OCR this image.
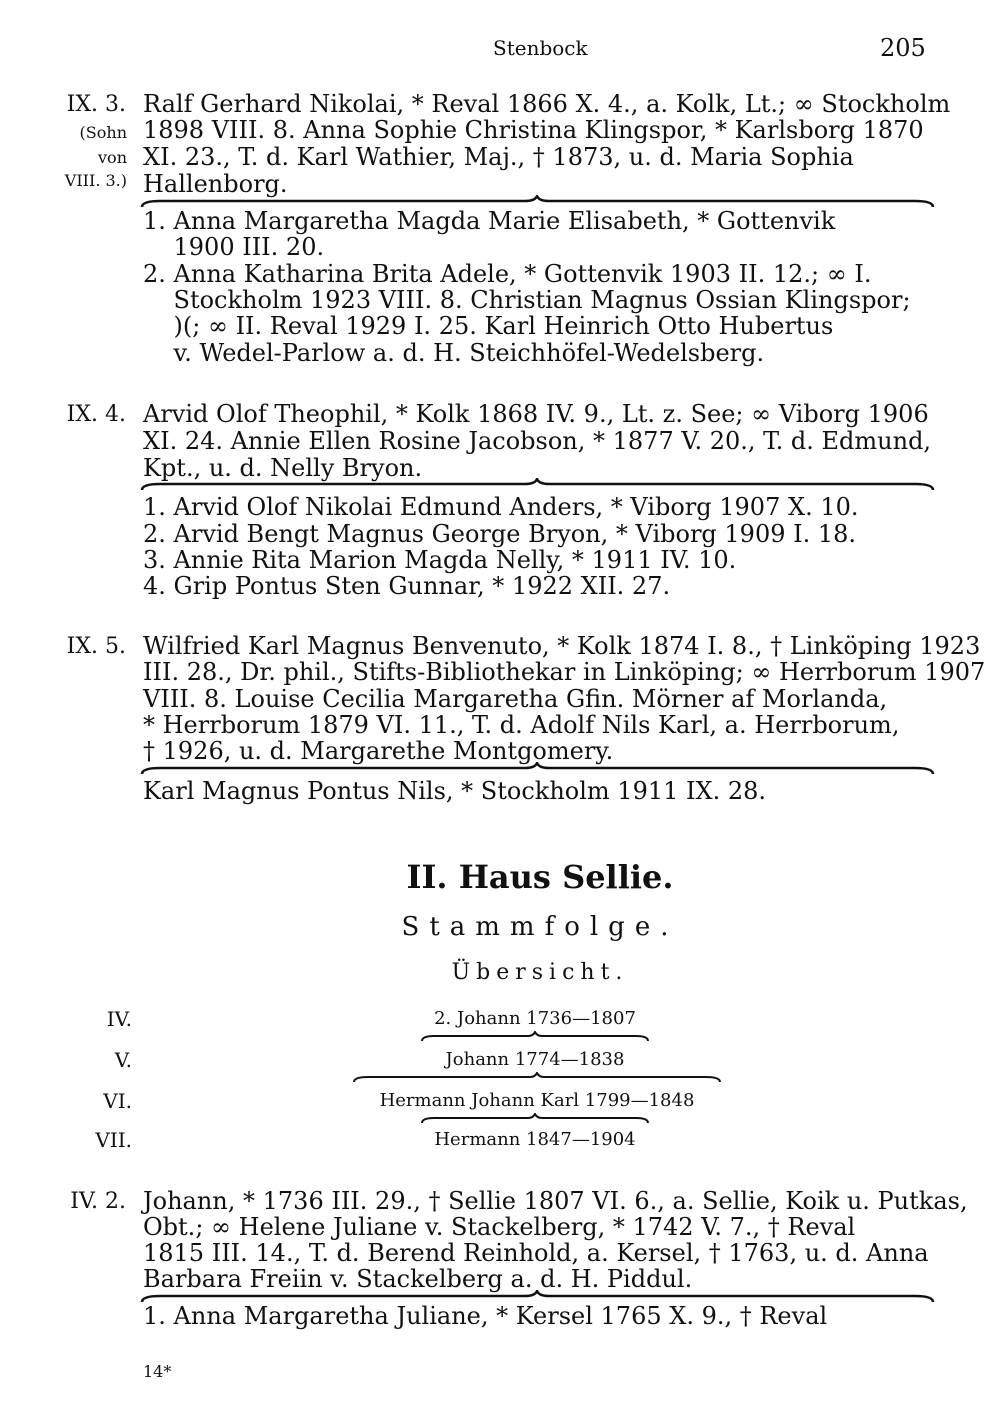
Stenbock	205
IX. 3.
(Sohn
von
VIII. 3.)
Ralf Gerhard Nikolai, * Reval 1866 X. 4., a. Kolk, Lt.; ∞ Stockholm
1898 VIII. 8. Anna Sophie Christina Klingspor, * Karlsborg 1870
XI. 23., T. d. Karl Wathier, Maj., † 1873, u. d. Maria Sophia
Hallenborg.
1. Anna Margaretha Magda Marie Elisabeth, * Gottenvik
1900 III. 20.
2. Anna Katharina Brita Adele, * Gottenvik 1903 II. 12.; ∞ I.
Stockholm 1923 VIII. 8. Christian Magnus Ossian Klingspor;
)(; ∞ II. Reval 1929 I. 25. Karl Heinrich Otto Hubertus
v. Wedel-Parlow a. d. H. Steichhöfel-Wedelsberg.
IX. 4. Arvid Olof Theophil, * Kolk 1868 IV. 9., Lt. z. See; ∞ Viborg 1906
XI. 24. Annie Ellen Rosine Jacobson, * 1877 V. 20., T. d. Edmund,
Kpt., u. d. Nelly Bryon.
1. Arvid Olof Nikolai Edmund Anders, * Viborg 1907 X. 10.
2. Arvid Bengt Magnus George Bryon, * Viborg 1909 I. 18.
3. Annie Rita Marion Magda Nelly, * 1911 IV. 10.
4. Grip Pontus Sten Gunnar, * 1922 XII. 27.
IX. 5. Wilfried Karl Magnus Benvenuto, * Kolk 1874 I. 8., † Linköping 1923
III. 28., Dr. phil., Stifts-Bibliothekar in Linköping; ∞ Herrborum 1907
VIII. 8. Louise Cecilia Margaretha Gfin. Mörner af Morlanda,
* Herrborum 1879 VI. 11., T. d. Adolf Nils Karl, a. Herrborum,
† 1926, u. d. Margarethe Montgomery.
Karl Magnus Pontus Nils, * Stockholm 1911 IX. 28.
II. Haus Sellie.
Stammfolge.
Übersicht.
IV.	2. Johann 1736—1807
V.	Johann 1774—1838
VI.	Hermann Johann Karl 1799—1848
VII.	Hermann 1847—1904
IV. 2. Johann, * 1736 III. 29., † Sellie 1807 VI. 6., a. Sellie, Koik u. Putkas,
Obt.; ∞ Helene Juliane v. Stackelberg, * 1742 V. 7., † Reval
1815 III. 14., T. d. Berend Reinhold, a. Kersel, † 1763, u. d. Anna
Barbara Freiin v. Stackelberg a. d. H. Piddul.
1. Anna Margaretha Juliane, * Kersel 1765 X. 9., † Reval
14*
